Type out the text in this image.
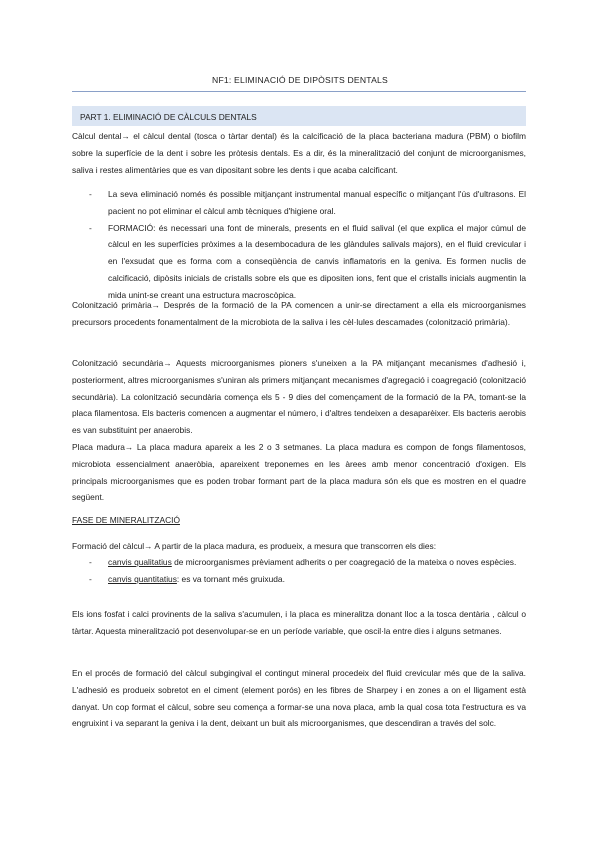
NF1: ELIMINACIÓ DE DIPÒSITS DENTALS
PART 1. ELIMINACIÓ DE CÀLCULS DENTALS

Càlcul dental→ el càlcul dental (tosca o tàrtar dental) és la calcificació de la placa bacteriana madura (PBM) o biofilm sobre la superfície de la dent i sobre les pròtesis dentals. Es a dir, és la mineralització del conjunt de microorganismes, saliva i restes alimentàries que es van dipositant sobre les dents i que acaba calcificant.

- La seva eliminació només és possible mitjançant instrumental manual específic o mitjançant l'ús d'ultrasons. El pacient no pot eliminar el càlcul amb tècniques d'higiene oral.
- FORMACIÓ: és necessari una font de minerals, presents en el fluid salival (el que explica el major cúmul de càlcul en les superfícies pròximes a la desembocadura de les glàndules salivals majors), en el fluid crevicular i en l'exsudat que es forma com a conseqüència de canvis inflamatoris en la geniva. Es formen nuclis de calcificació, dipòsits inicials de cristalls sobre els que es dipositen ions, fent que el cristalls inicials augmentin la mida unint-se creant una estructura macroscòpica.

Colonització primària→ Després de la formació de la PA comencen a unir-se directament a ella els microorganismes precursors procedents fonamentalment de la microbiota de la saliva i les cèl·lules descamades (colonització primària).

Colonització secundària→ Aquests microorganismes pioners s'uneixen a la PA mitjançant mecanismes d'adhesió i, posteriorment, altres microorganismes s'uniran als primers mitjançant mecanismes d'agregació i coagregació (colonització secundària). La colonització secundària comença els 5 - 9 dies del començament de la formació de la PA, tomant-se la placa filamentosa. Els bacteris comencen a augmentar el número, i d'altres tendeixen a desaparèixer. Els bacteris aerobis es van substituint per anaerobis.

Placa madura→ La placa madura apareix a les 2 o 3 setmanes. La placa madura es compon de fongs filamentosos, microbiota essencialment anaeròbia, apareixent treponemes en les àrees amb menor concentració d'oxigen. Els principals microorganismes que es poden trobar formant part de la placa madura són els que es mostren en el quadre següent.

FASE DE MINERALITZACIÓ

Formació del càlcul→ A partir de la placa madura, es produeix, a mesura que transcorren els dies:

- canvis qualitatius de microorganismes prèviament adherits o per coagregació de la mateixa o noves espècies.
- canvis quantitatius: es va tornant més gruixuda.

Els ions fosfat i calci provinents de la saliva s'acumulen, i la placa es mineralitza donant lloc a la tosca dentària , càlcul o tàrtar. Aquesta mineralització pot desenvolupar-se en un període variable, que oscil·la entre dies i alguns setmanes.

En el procés de formació del càlcul subgingival el contingut mineral procedeix del fluid crevicular més que de la saliva. L'adhesió es produeix sobretot en el ciment (element porós) en les fibres de Sharpey i en zones a on el lligament està danyat. Un cop format el càlcul, sobre seu comença a formar-se una nova placa, amb la qual cosa tota l'estructura es va engruixint i va separant la geniva i la dent, deixant un buit als microorganismes, que descendiran a través del solc.
